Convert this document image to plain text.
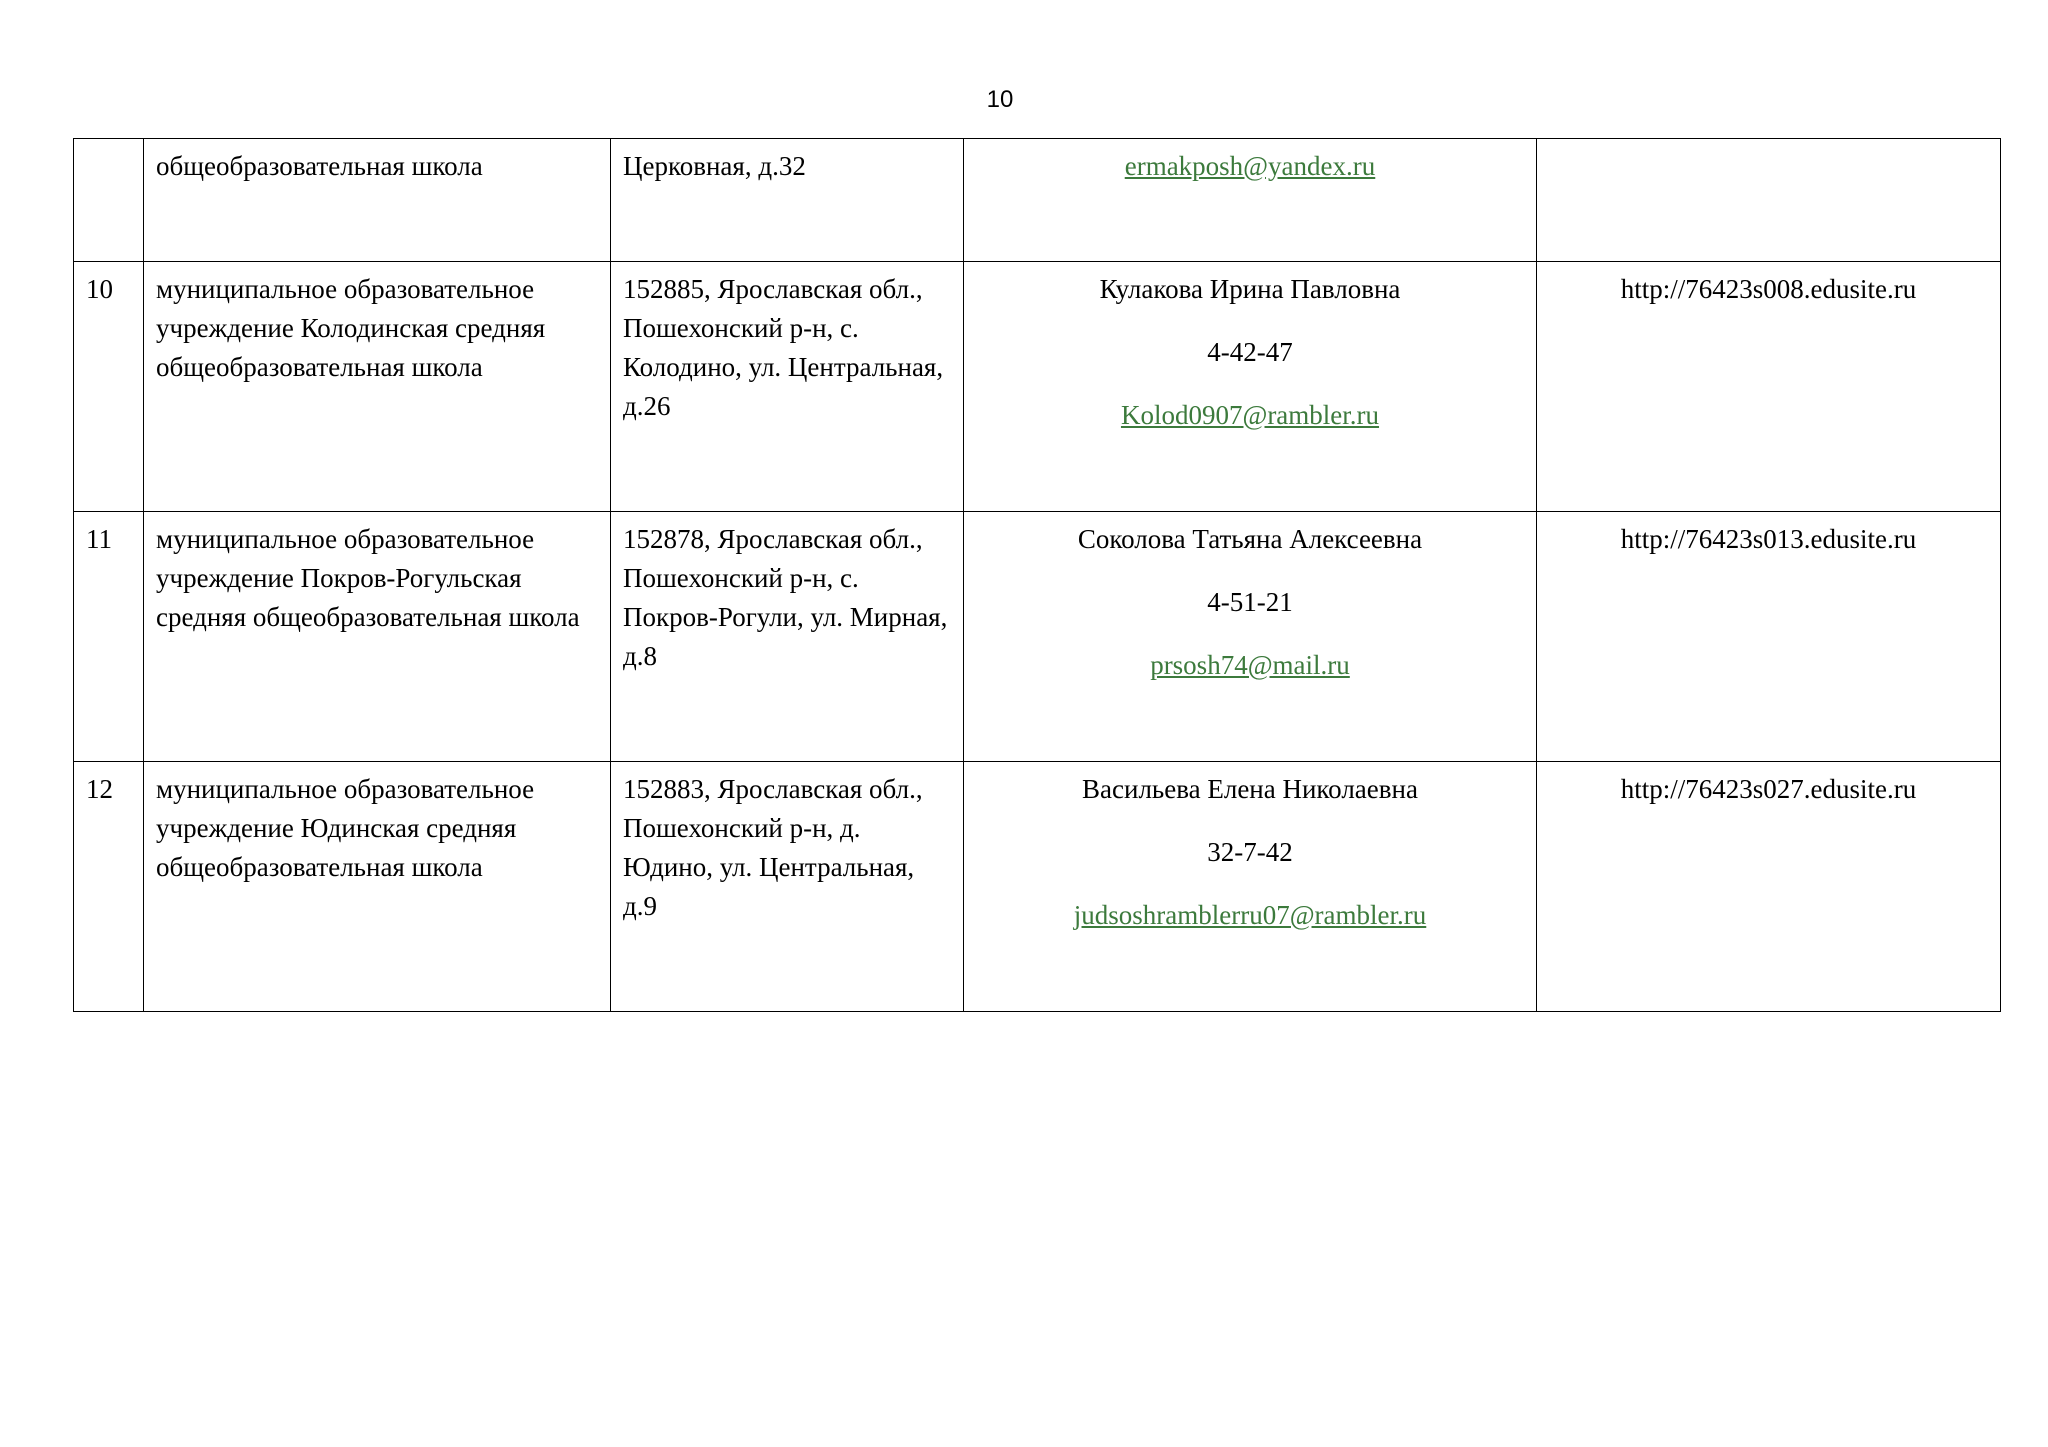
10
	общеобразовательная школа	Церковная, д.32	ermakposh@yandex.ru	

10	муниципальное образовательное учреждение Колодинская средняя общеобразовательная школа	152885, Ярославская обл., Пошехонский р-н, с. Колодино, ул. Центральная, д.26	Кулакова Ирина Павловна
4-42-47
Kolod0907@rambler.ru	http://76423s008.edusite.ru
11	муниципальное образовательное учреждение Покров-Рогульская средняя общеобразовательная школа	152878, Ярославская обл., Пошехонский р-н, с. Покров-Рогули, ул. Мирная, д.8	Соколова Татьяна Алексеевна
4-51-21
prsosh74@mail.ru	http://76423s013.edusite.ru
12	муниципальное образовательное учреждение Юдинская средняя общеобразовательная школа	152883, Ярославская обл., Пошехонский р-н, д. Юдино, ул. Центральная, д.9	Васильева Елена Николаевна
32-7-42
judsoshramblerru07@rambler.ru	http://76423s027.edusite.ru
